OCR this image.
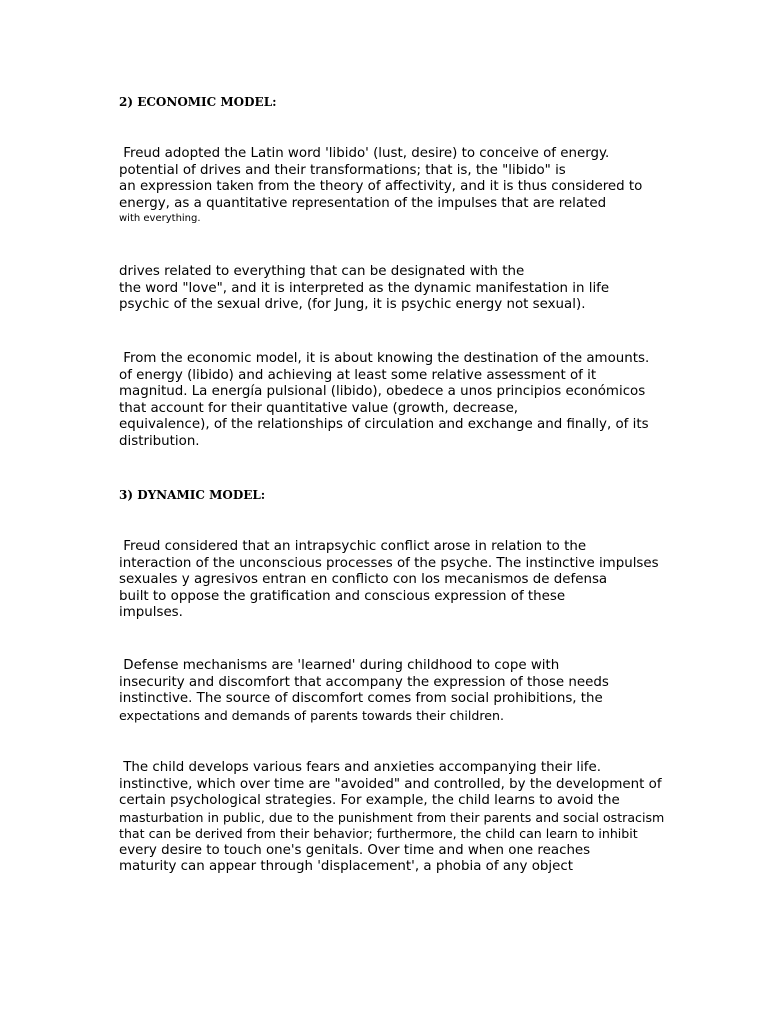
2) ECONOMIC MODEL:

Freud adopted the Latin word 'libido' (lust, desire) to conceive of energy.
potential of drives and their transformations; that is, the "libido" is
an expression taken from the theory of affectivity, and it is thus considered to
energy, as a quantitative representation of the impulses that are related
with everything.

drives related to everything that can be designated with the
the word "love", and it is interpreted as the dynamic manifestation in life
psychic of the sexual drive, (for Jung, it is psychic energy not sexual).

From the economic model, it is about knowing the destination of the amounts.
of energy (libido) and achieving at least some relative assessment of it
magnitud. La energía pulsional (libido), obedece a unos principios económicos
that account for their quantitative value (growth, decrease,
equivalence), of the relationships of circulation and exchange and finally, of its
distribution.

3) DYNAMIC MODEL:

Freud considered that an intrapsychic conflict arose in relation to the
interaction of the unconscious processes of the psyche. The instinctive impulses
sexuales y agresivos entran en conflicto con los mecanismos de defensa
built to oppose the gratification and conscious expression of these
impulses.

Defense mechanisms are 'learned' during childhood to cope with
insecurity and discomfort that accompany the expression of those needs
instinctive. The source of discomfort comes from social prohibitions, the
expectations and demands of parents towards their children.

The child develops various fears and anxieties accompanying their life.
instinctive, which over time are "avoided" and controlled, by the development of
certain psychological strategies. For example, the child learns to avoid the
masturbation in public, due to the punishment from their parents and social ostracism
that can be derived from their behavior; furthermore, the child can learn to inhibit
every desire to touch one's genitals. Over time and when one reaches
maturity can appear through 'displacement', a phobia of any object
